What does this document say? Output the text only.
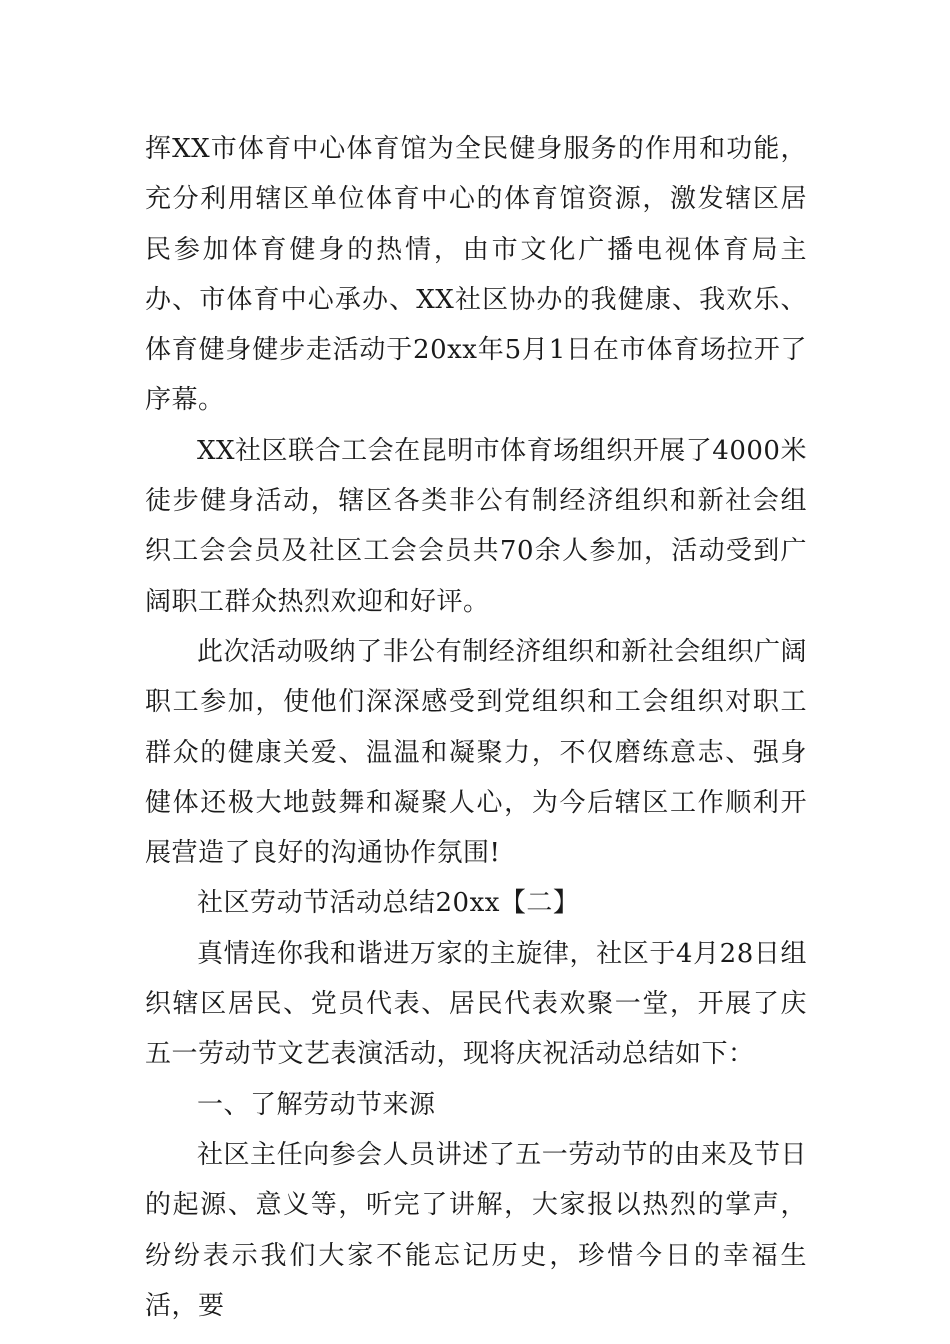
挥XX市体育中心体育馆为全民健身服务的作用和功能，充分利用辖区单位体育中心的体育馆资源，激发辖区居民参加体育健身的热情，由市文化广播电视体育局主办、市体育中心承办、XX社区协办的我健康、我欢乐、体育健身健步走活动于20xx年5月1日在市体育场拉开了序幕。

XX社区联合工会在昆明市体育场组织开展了4000米徒步健身活动，辖区各类非公有制经济组织和新社会组织工会会员及社区工会会员共70余人参加，活动受到广阔职工群众热烈欢迎和好评。

此次活动吸纳了非公有制经济组织和新社会组织广阔职工参加，使他们深深感受到党组织和工会组织对职工群众的健康关爱、温温和凝聚力，不仅磨练意志、强身健体还极大地鼓舞和凝聚人心，为今后辖区工作顺利开展营造了良好的沟通协作氛围!

社区劳动节活动总结20xx【二】

真情连你我和谐进万家的主旋律，社区于4月28日组织辖区居民、党员代表、居民代表欢聚一堂，开展了庆五一劳动节文艺表演活动，现将庆祝活动总结如下：

一、了解劳动节来源

社区主任向参会人员讲述了五一劳动节的由来及节日的起源、意义等，听完了讲解，大家报以热烈的掌声，纷纷表示我们大家不能忘记历史，珍惜今日的幸福生活，要
